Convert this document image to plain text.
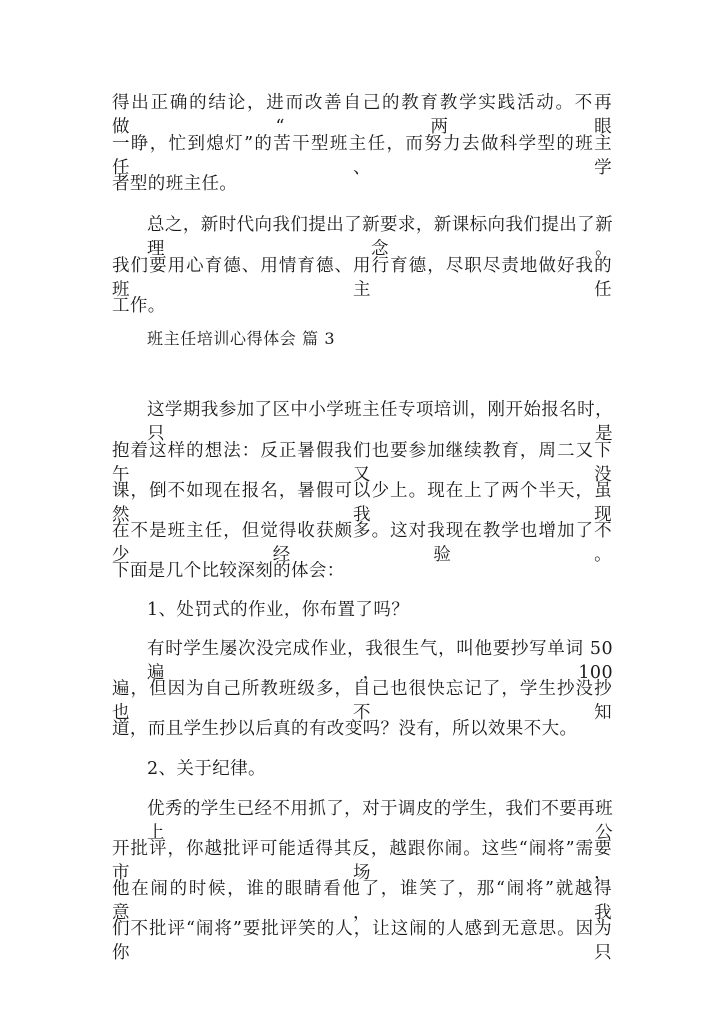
得出正确的结论，进而改善自己的教育教学实践活动。不再做“两眼
一睁，忙到熄灯”的苦干型班主任，而努力去做科学型的班主任、学
者型的班主任。
总之，新时代向我们提出了新要求，新课标向我们提出了新理念。
我们要用心育德、用情育德、用行育德，尽职尽责地做好我的班主任
工作。
班主任培训心得体会 篇 3
这学期我参加了区中小学班主任专项培训，刚开始报名时，只是
抱着这样的想法：反正暑假我们也要参加继续教育，周二又下午又没
课，倒不如现在报名，暑假可以少上。现在上了两个半天，虽然我现
在不是班主任，但觉得收获颇多。这对我现在教学也增加了不少经验。
下面是几个比较深刻的体会：
1、处罚式的作业，你布置了吗？
有时学生屡次没完成作业，我很生气，叫他要抄写单词 50 遍，100
遍，但因为自己所教班级多，自己也很快忘记了，学生抄没抄也不知
道，而且学生抄以后真的有改变吗？没有，所以效果不大。
2、关于纪律。
优秀的学生已经不用抓了，对于调皮的学生，我们不要再班上公
开批评，你越批评可能适得其反，越跟你闹。这些“闹将”需要市场，
他在闹的时候，谁的眼睛看他了，谁笑了，那“闹将”就越得意，我
们不批评“闹将”要批评笑的人，让这闹的人感到无意思。因为你只
